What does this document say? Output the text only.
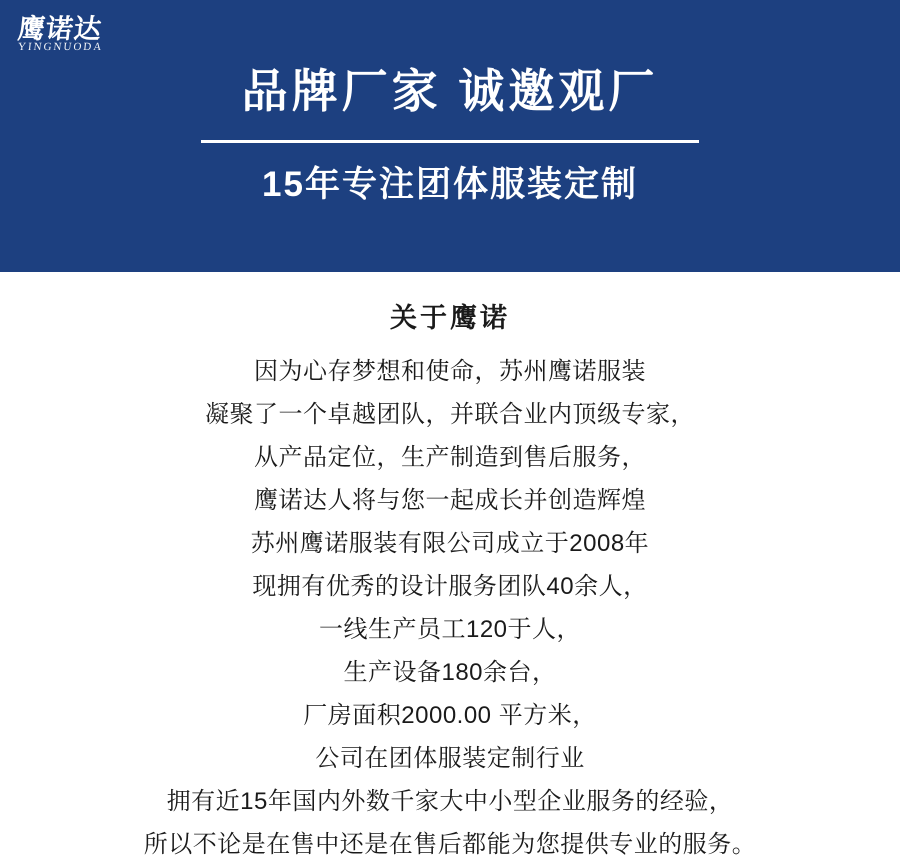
鹰诺达
YINGNUODA
品牌厂家 诚邀观厂
15年专注团体服装定制
关于鹰诺
因为心存梦想和使命，苏州鹰诺服装
凝聚了一个卓越团队，并联合业内顶级专家，
从产品定位，生产制造到售后服务，
鹰诺达人将与您一起成长并创造辉煌
苏州鹰诺服装有限公司成立于2008年
现拥有优秀的设计服务团队40余人，
一线生产员工120于人，
生产设备180余台，
厂房面积2000.00 平方米，
公司在团体服装定制行业
拥有近15年国内外数千家大中小型企业服务的经验，
所以不论是在售中还是在售后都能为您提供专业的服务。
